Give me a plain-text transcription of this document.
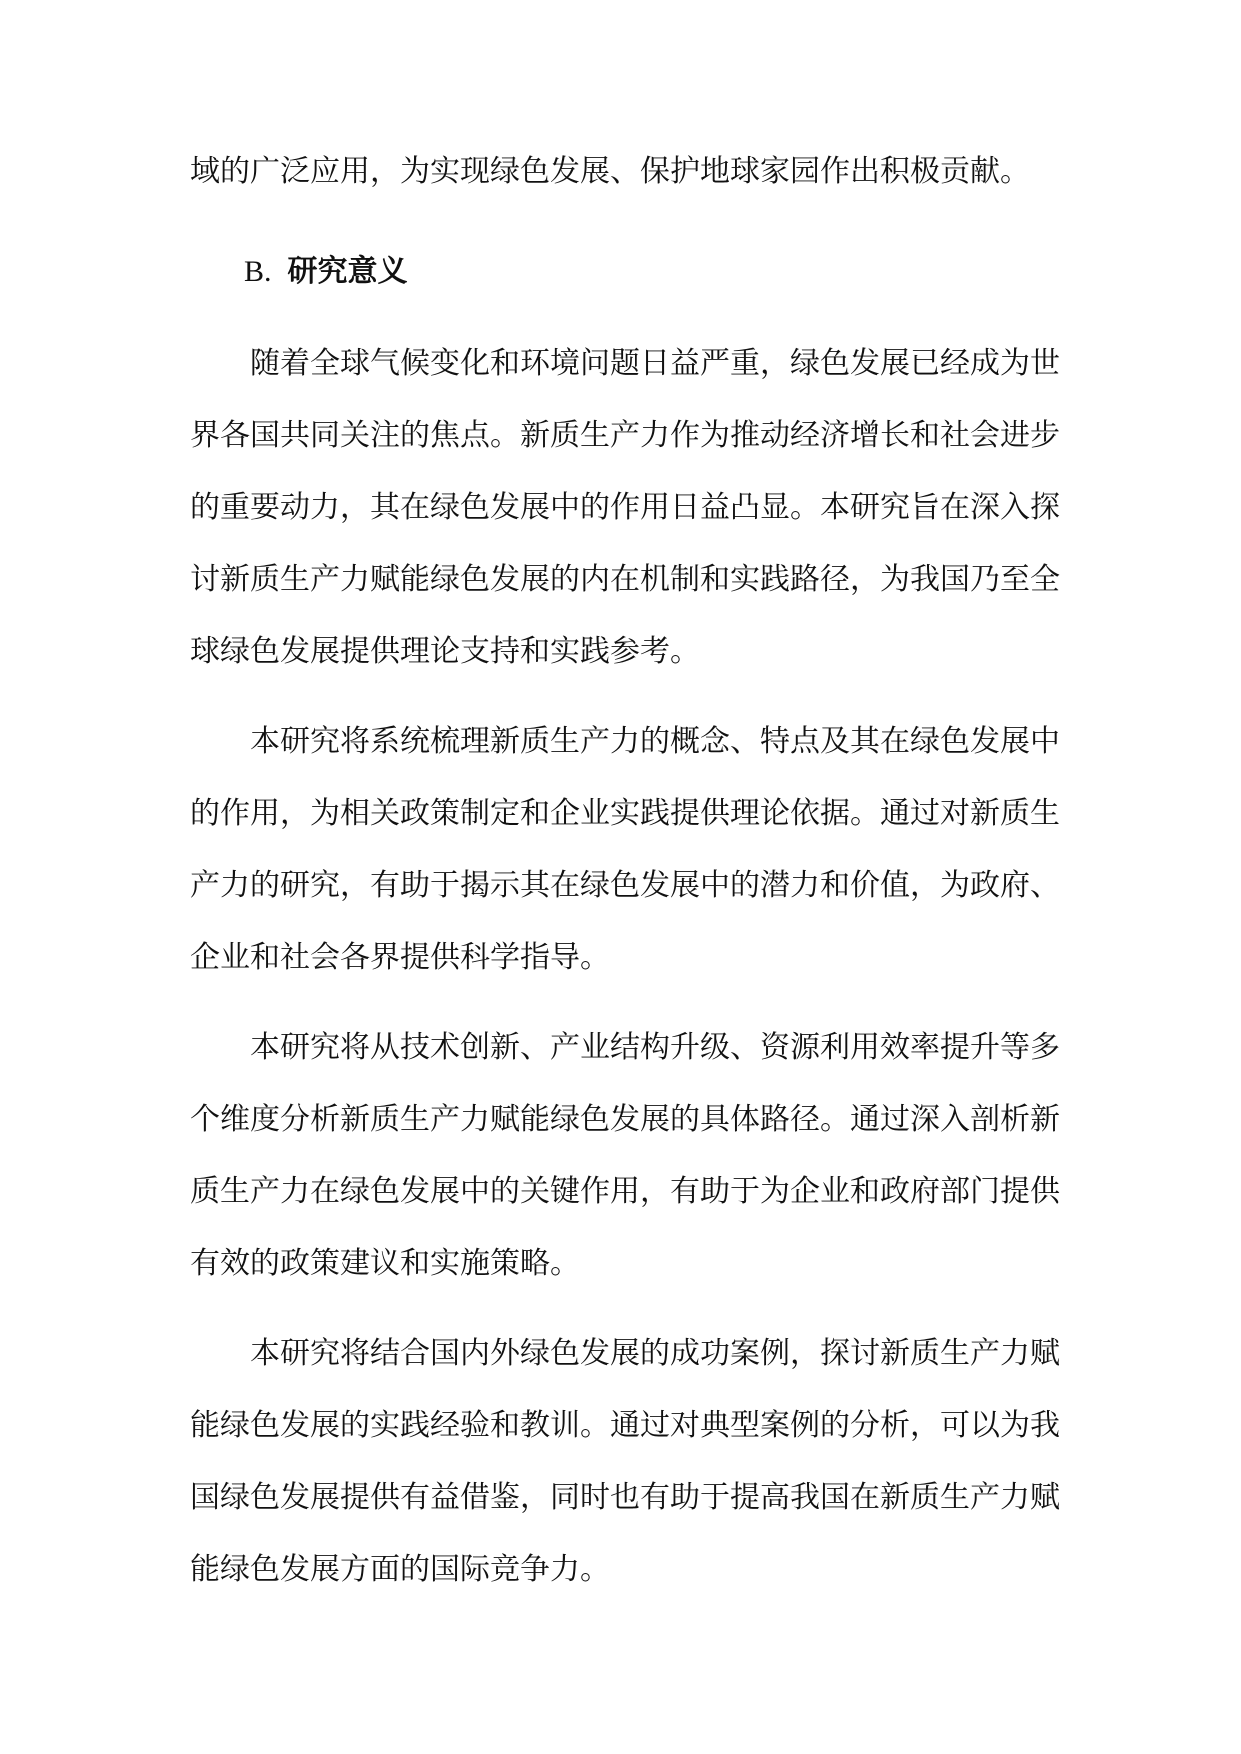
域的广泛应用，为实现绿色发展、保护地球家园作出积极贡献。

B. 研究意义

随着全球气候变化和环境问题日益严重，绿色发展已经成为世界各国共同关注的焦点。新质生产力作为推动经济增长和社会进步的重要动力，其在绿色发展中的作用日益凸显。本研究旨在深入探讨新质生产力赋能绿色发展的内在机制和实践路径，为我国乃至全球绿色发展提供理论支持和实践参考。

本研究将系统梳理新质生产力的概念、特点及其在绿色发展中的作用，为相关政策制定和企业实践提供理论依据。通过对新质生产力的研究，有助于揭示其在绿色发展中的潜力和价值，为政府、企业和社会各界提供科学指导。

本研究将从技术创新、产业结构升级、资源利用效率提升等多个维度分析新质生产力赋能绿色发展的具体路径。通过深入剖析新质生产力在绿色发展中的关键作用，有助于为企业和政府部门提供有效的政策建议和实施策略。

本研究将结合国内外绿色发展的成功案例，探讨新质生产力赋能绿色发展的实践经验和教训。通过对典型案例的分析，可以为我国绿色发展提供有益借鉴，同时也有助于提高我国在新质生产力赋能绿色发展方面的国际竞争力。
